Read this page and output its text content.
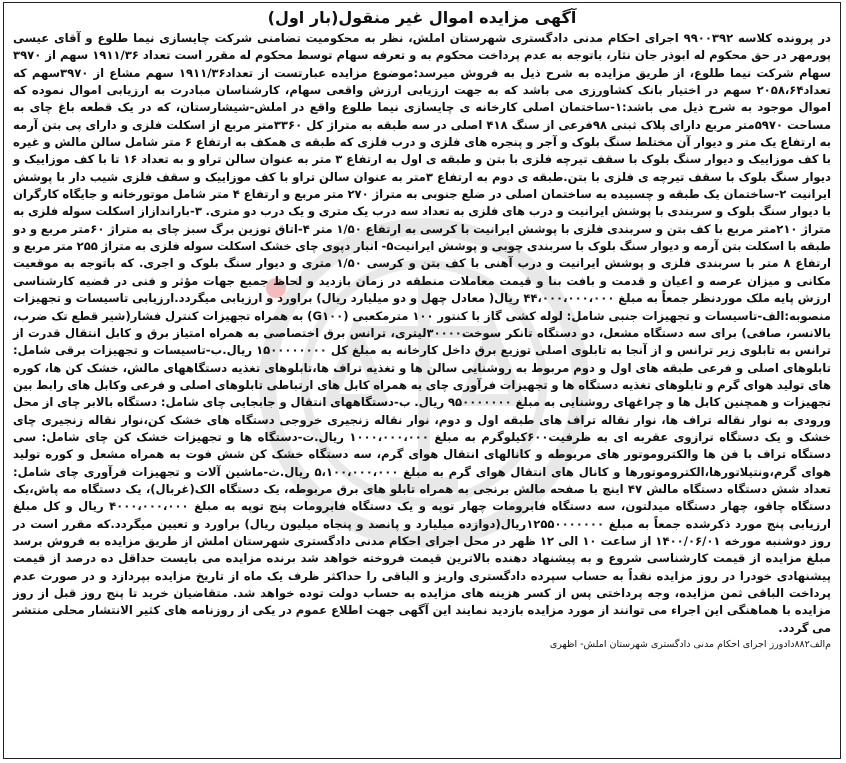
آگهی مزایده اموال غیر منقول(بار اول)

در پرونده کلاسه ۹۹۰۰۳۹۲ اجرای احکام مدنی دادگستری شهرستان املش، نظر به محکومیت تضامنی شرکت چایسازی نیما طلوع و آقای عیسی پورمهر در حق محکوم له ابوذر جان نثار، باتوجه به عدم پرداخت محکوم به و تعرفه سهام توسط محکوم له مقرر است تعداد ۱۹۱۱/۳۶ سهم از ۳۹۷۰ سهام شرکت نیما طلوع، از طریق مزایده به شرح ذیل به فروش میرسد:موضوع مزایده عبارتست از تعداد۱۹۱۱/۳۶ سهم مشاع از ۳۹۷۰سهم که تعداد۲۰۵۸،۶۴ سهم در اختیار بانک کشاورزی می باشد که به جهت ارزیابی ارزش واقعی سهام، کارشناسان مبادرت به ارزیابی اموال نموده که اموال موجود به شرح ذیل می باشد:۱-ساختمان اصلی کارخانه ی چایسازی نیما طلوع واقع در املش-شیشارستان، که در یک قطعه باغ چای به مساحت ۵۹۷۰متر مربع دارای پلاک ثبتی ۹۸فرعی از سنگ ۴۱۸ اصلی در سه طبقه به متراژ کل ۳۳۶۰متر مربع از اسکلت فلزی و دارای پی بتن آرمه به ارتفاع یک متر و دیوار آن مختلط سنگ بلوک و آجر و پنجره های فلزی و درب فلزی که طبقه ی همکف به ارتفاع ۶ متر شامل سالن مالش و غیره با کف موزاییک و دیوار سنگ بلوک با سقف تیرچه فلزی با بتن و طبقه ی اول به ارتفاع ۳ متر به عنوان سالن تراو و به تعداد ۱۶ تا با کف موزاییک و دیوار سنگ بلوک با سقف تیرچه ی فلزی با بتن.طبقه ی دوم به ارتفاع ۳متر به عنوان سالن تراو با کف موزاییک و سقف فلزی شیب دار با پوشش ایرانیت ۲-ساختمان یک طبقه و چسبیده به ساختمان اصلی در ضلع جنوبی به متراژ ۲۷۰ متر مربع و ارتفاع ۴ متر شامل موتورخانه و جایگاه کارگران با دیوار سنگ بلوک و سربندی با پوشش ایرانیت و درب های فلزی به تعداد سه درب یک متری و یک درب دو متری. ۳-باراندازاز اسکلت سوله فلزی به متراژ ۲۱۰متر مربع با کف بتن و سربندی فلزی با پوشش ایرانیت با کرسی به ارتفاع ۱/۵۰ متر ۴-اتاق توزین برگ سبز چای به متراژ ۶۰متر مربع و دو طبقه با اسکلت بتن آرمه و دیوار سنگ بلوک با سربندی چوبی و پوشش ایرانیت۵- انبار دپوی چای خشک اسکلت سوله فلزی به متراژ ۲۵۵ متر مربع و ارتفاع ۸ متر با سربندی فلزی و پوشش ایرانیت و درب آهنی با کف بتن و کرسی ۱/۵۰ متری و دیوار سنگ بلوک و اجری. که باتوجه به موقعیت مکانی و میزان عرصه و اعیان و قدمت و بافت بنا و قیمت معاملات منطقه در زمان بازدید و لحاظ جمیع جهات مؤثر و فنی در قضیه کارشناسی ارزش پایه ملک موردنظر جمعاً به مبلغ ۴۴،۰۰۰،۰۰۰،۰۰۰ ریال( معادل چهل و دو میلیارد ریال) براورد و ارزیابی میگردد.ارزیابی تاسیسات و تجهیزات منصوبه:الف-تاسیسات و تجهیزات جنبی شامل: لوله کشی گاز با کنتور ۱۰۰ مترمکعبی (G۱۰۰) به همراه تجهیزات کنترل فشار(شیر قطع تک ضرب، بالانسر، صافی) برای سه دستگاه مشعل، دو دستگاه تانکر سوخت۳۰۰۰۰لیتری، ترانس برق اختصاصی به همراه امتیاز برق و کابل انتقال قدرت از ترانس به تابلوی زیر ترانس و از آنجا به تابلوی اصلی توزیع برق داخل کارخانه به مبلغ کل ۱۵۰۰۰۰۰۰۰۰ ریال.ب-تاسیسات و تجهیزات برقی شامل: تابلوهای اصلی و فرعی طبقه های اول و دوم مربوط به روشنایی سالن ها و تغذیه تراف ها،تابلوهای تغذیه دستگاههای مالش، خشک کن ها، کوره های تولید هوای گرم و تابلوهای تغذیه دستگاه ها و تجهیزات فرآوری چای به همراه کابل های ارتباطی تابلوهای اصلی و فرعی وکابل های رابط بین تجهیزات و همچنین کابل ها و چراغهای روشنایی به مبلغ ۹۵۰۰۰۰۰۰۰ ریال. ب-دستگاههای انتقال و جابجایی چای شامل: دستگاه بالابر چای از محل ورودی به نوار نقاله تراف ها، نوار نقاله تراف های طبقه اول و دوم، نوار نقاله زنجیری خروجی دستگاه های خشک کن،نوار نقاله زنجیری چای خشک و یک دستگاه ترازوی عقربه ای به ظرفیت۶۰۰کیلوگرم به مبلغ ۱۰۰۰،۰۰۰،۰۰۰ ریال.ت-دستگاه ها و تجهیزات خشک کن چای شامل: سی دستگاه تراف با فن ها والکتروموتور های مربوطه و کانالهای انتقال هوای گرم، سه دستگاه خشک کن شش فوت به همراه مشعل و کوره تولید هوای گرم،ونتیلاتورها،الکتروموتورها و کانال های انتقال هوای گرم به مبلغ ۵،۱۰۰،۰۰۰،۰۰۰ ریال.ث-ماشین آلات و تجهیزات فرآوری چای شامل: تعداد شش دستگاه دستگاه مالش ۴۷ اینچ با صفحه مالش برنجی به همراه تابلو های برق مربوطه، یک دستگاه الک(غربال)، یک دستگاه مه پاش،یک دستگاه چاقو، چهار دستگاه میدلتون، سه دستگاه فابرومات چهار توپه و یک دستگاه فابرومات پنج توپه به مبلغ ۴۰۰۰،۰۰۰،۰۰۰ ریال و کل مبلغ ارزیابی پنج مورد ذکرشده جمعاً به مبلغ ۱۲۵۵۰۰۰۰۰۰۰ریال(دوازده میلیارد و پانصد و پنجاه میلیون ریال) براورد و تعیین میگردد.که مقرر است در روز دوشنبه مورخه ۱۴۰۰/۰۶/۰۱ از ساعت ۱۰ الی ۱۲ ظهر در محل اجرای احکام مدنی دادگستری شهرستان املش از طریق مزایده به فروش برسد مبلغ مزایده از قیمت کارشناسی شروع و به پیشنهاد دهنده بالاترین قیمت فروخته خواهد شد برنده مزایده می بایست حداقل ده درصد از قیمت پیشنهادی خودرا در روز مزایده نقداً به حساب سپرده دادگستری واریز و الباقی را حداکثر ظرف یک ماه از تاریخ مزایده بپردازد و در صورت عدم پرداخت الباقی ثمن مزایده، وجه پرداختی پس از کسر هزینه های مزایده به حساب دولت توده خواهد شد. متقاضیان خرید تا پنج روز قبل از روز مزایده با هماهنگی این اجراء می توانند از مورد مزایده بازدید نمایند این آگهی جهت اطلاع عموم در یکی از روزنامه های کثیر الانتشار محلی منتشر می گردد.

م‌الف۸۸۲دادورز اجرای احکام مدنی دادگستری شهرستان املش- اظهری
